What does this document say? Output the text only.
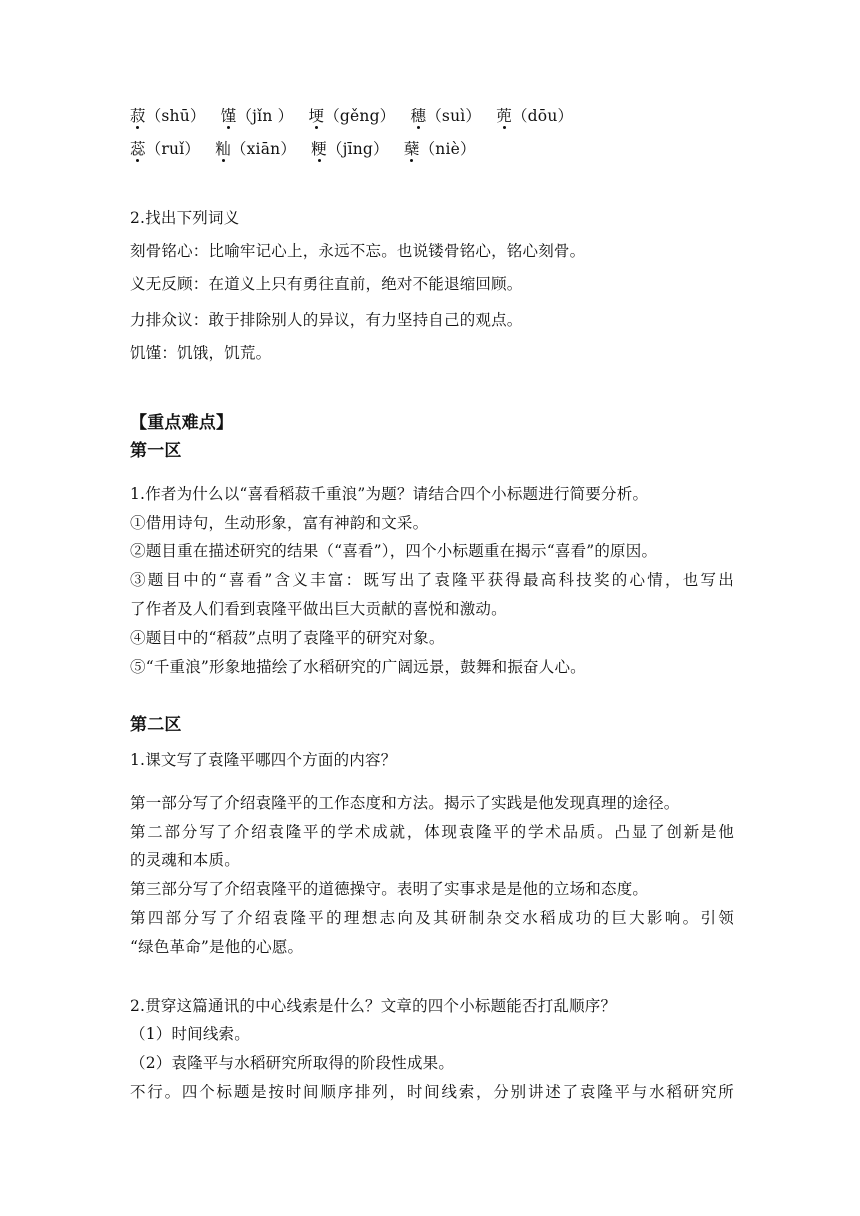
菽（shū） 馑（jǐn ） 埂（gěng） 穗（suì） 蔸（dōu）
蕊（ruǐ） 籼（xiān） 粳（jīng） 蘖（niè）
2.找出下列词义
刻骨铭心：比喻牢记心上，永远不忘。也说镂骨铭心，铭心刻骨。
义无反顾：在道义上只有勇往直前，绝对不能退缩回顾。
力排众议：敢于排除别人的异议，有力坚持自己的观点。
饥馑：饥饿，饥荒。
【重点难点】
第一区
1.作者为什么以“喜看稻菽千重浪”为题？请结合四个小标题进行简要分析。
①借用诗句，生动形象，富有神韵和文采。
②题目重在描述研究的结果（“喜看”），四个小标题重在揭示“喜看”的原因。
③题目中的“喜看”含义丰富：既写出了袁隆平获得最高科技奖的心情，也写出
了作者及人们看到袁隆平做出巨大贡献的喜悦和激动。
④题目中的“稻菽”点明了袁隆平的研究对象。
⑤“千重浪”形象地描绘了水稻研究的广阔远景，鼓舞和振奋人心。
第二区
1.课文写了袁隆平哪四个方面的内容？
第一部分写了介绍袁隆平的工作态度和方法。揭示了实践是他发现真理的途径。
第二部分写了介绍袁隆平的学术成就，体现袁隆平的学术品质。凸显了创新是他
的灵魂和本质。
第三部分写了介绍袁隆平的道德操守。表明了实事求是是他的立场和态度。
第四部分写了介绍袁隆平的理想志向及其研制杂交水稻成功的巨大影响。引领
“绿色革命”是他的心愿。
2.贯穿这篇通讯的中心线索是什么？文章的四个小标题能否打乱顺序？
（1）时间线索。
（2）袁隆平与水稻研究所取得的阶段性成果。
不行。四个标题是按时间顺序排列，时间线索，分别讲述了袁隆平与水稻研究所
